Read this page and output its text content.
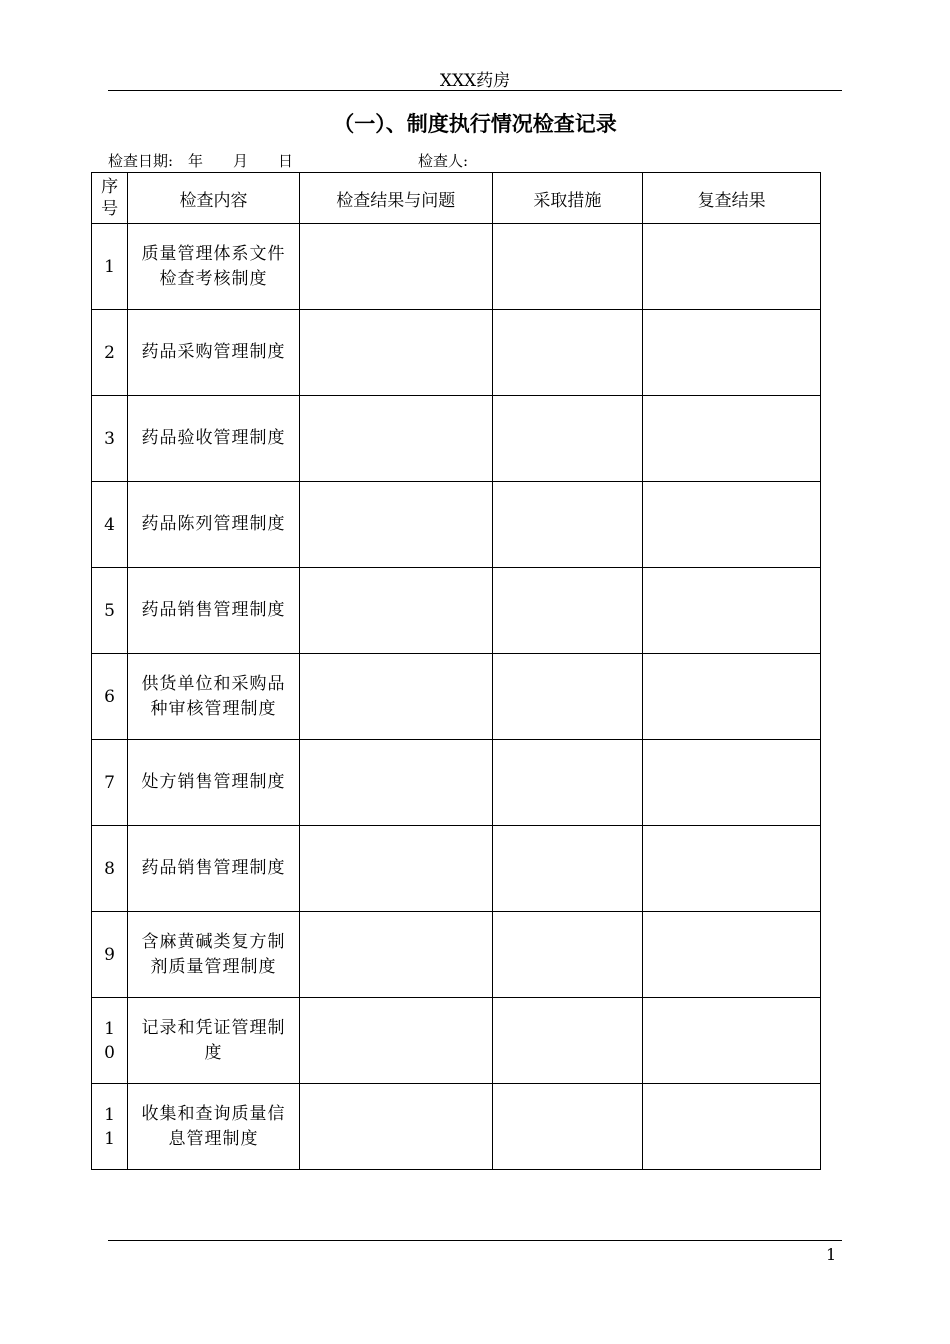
XXX药房
（一）、制度执行情况检查记录
检查日期:　年　　月　　日	检查人:
序号	检查内容	检查结果与问题	采取措施	复查结果
1	质量管理体系文件检查考核制度			
2	药品采购管理制度			
3	药品验收管理制度			
4	药品陈列管理制度			
5	药品销售管理制度			
6	供货单位和采购品种审核管理制度			
7	处方销售管理制度			
8	药品销售管理制度			
9	含麻黄碱类复方制剂质量管理制度			
10	记录和凭证管理制度			
11	收集和查询质量信息管理制度			
1
